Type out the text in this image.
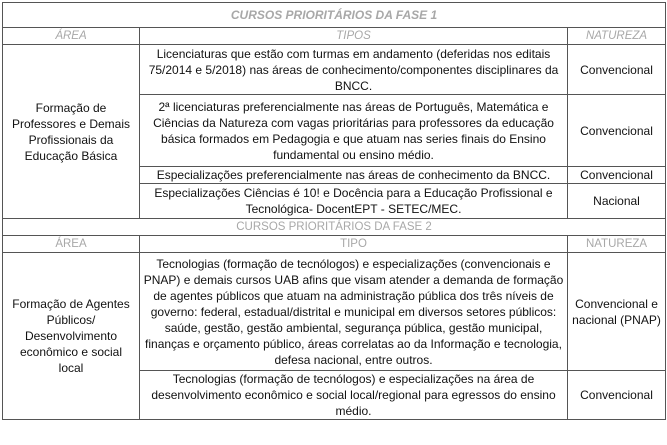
CURSOS PRIORITÁRIOS DA FASE 1		
ÁREA	TIPOS	NATUREZA
Formação de Professores e Demais Profissionais da Educação Básica	Licenciaturas que estão com turmas em andamento (deferidas nos editais 75/2014 e 5/2018) nas áreas de conhecimento/componentes disciplinares da BNCC.	Convencional
	2ª licenciaturas preferencialmente nas áreas de Português, Matemática e Ciências da Natureza com vagas prioritárias para professores da educação básica formados em Pedagogia e que atuam nas series finais do Ensino fundamental ou ensino médio.	Convencional
	Especializações preferencialmente nas áreas de conhecimento da BNCC.	Convencional
	Especializações Ciências é 10! e Docência para a Educação Profissional e Tecnológica- DocentEPT - SETEC/MEC.	Nacional
CURSOS PRIORITÁRIOS DA FASE 2		
ÁREA	TIPO	NATUREZA
Formação de Agentes Públicos/ Desenvolvimento econômico e social local	Tecnologias (formação de tecnólogos) e especializações (convencionais e PNAP) e demais cursos UAB afins que visam atender a demanda de formação de agentes públicos que atuam na administração pública dos três níveis de governo: federal, estadual/distrital e municipal em diversos setores públicos: saúde, gestão, gestão ambiental, segurança pública, gestão municipal, finanças e orçamento público, áreas correlatas ao da Informação e tecnologia, defesa nacional, entre outros.	Convencional e nacional (PNAP)
	Tecnologias (formação de tecnólogos) e especializações na área de desenvolvimento econômico e social local/regional para egressos do ensino médio.	Convencional
